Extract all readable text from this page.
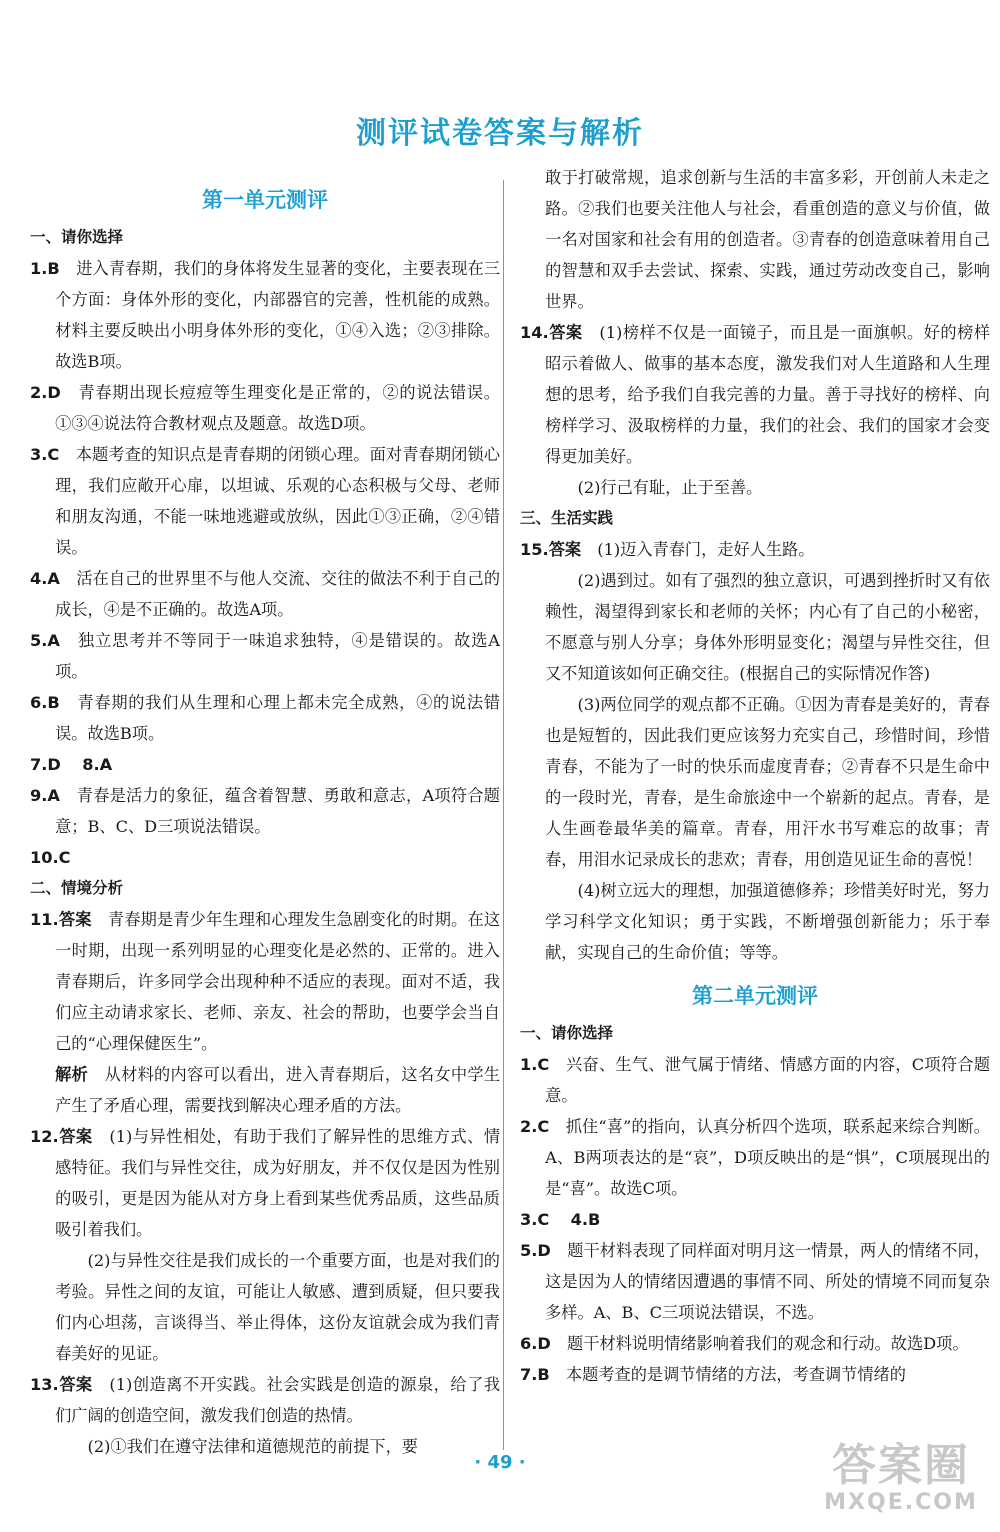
测评试卷答案与解析
第一单元测评
一、请你选择
1.B　 进入青春期，我们的身体将发生显著的变化，主要表现在三个方面：身体外形的变化，内部器官的完善，性机能的成熟。材料主要反映出小明身体外形的变化，①④入选；②③排除。故选B项。
2.D　 青春期出现长痘痘等生理变化是正常的，②的说法错误。①③④说法符合教材观点及题意。故选D项。
3.C　 本题考查的知识点是青春期的闭锁心理。面对青春期闭锁心理，我们应敞开心扉，以坦诚、乐观的心态积极与父母、老师和朋友沟通，不能一味地逃避或放纵，因此①③正确，②④错误。
4.A　 活在自己的世界里不与他人交流、交往的做法不利于自己的成长，④是不正确的。故选A项。
5.A　 独立思考并不等同于一味追求独特，④是错误的。故选A项。
6.B　 青春期的我们从生理和心理上都未完全成熟，④的说法错误。故选B项。
7.D　 8.A
9.A　 青春是活力的象征，蕴含着智慧、勇敢和意志，A项符合题意；B、C、D三项说法错误。
10.C
二、情境分析
11.答案　 青春期是青少年生理和心理发生急剧变化的时期。在这一时期，出现一系列明显的心理变化是必然的、正常的。进入青春期后，许多同学会出现种种不适应的表现。面对不适，我们应主动请求家长、老师、亲友、社会的帮助，也要学会当自己的“心理保健医生”。
解析　 从材料的内容可以看出，进入青春期后，这名女中学生产生了矛盾心理，需要找到解决心理矛盾的方法。
12.答案　 (1)与异性相处，有助于我们了解异性的思维方式、情感特征。我们与异性交往，成为好朋友，并不仅仅是因为性别的吸引，更是因为能从对方身上看到某些优秀品质，这些品质吸引着我们。
(2)与异性交往是我们成长的一个重要方面，也是对我们的考验。异性之间的友谊，可能让人敏感、遭到质疑，但只要我们内心坦荡，言谈得当、举止得体，这份友谊就会成为我们青春美好的见证。
13.答案　 (1)创造离不开实践。社会实践是创造的源泉，给了我们广阔的创造空间，激发我们创造的热情。
(2)①我们在遵守法律和道德规范的前提下，要
敢于打破常规，追求创新与生活的丰富多彩，开创前人未走之路。②我们也要关注他人与社会，看重创造的意义与价值，做一名对国家和社会有用的创造者。③青春的创造意味着用自己的智慧和双手去尝试、探索、实践，通过劳动改变自己，影响世界。
14.答案　 (1)榜样不仅是一面镜子，而且是一面旗帜。好的榜样昭示着做人、做事的基本态度，激发我们对人生道路和人生理想的思考，给予我们自我完善的力量。善于寻找好的榜样、向榜样学习、汲取榜样的力量，我们的社会、我们的国家才会变得更加美好。
(2)行己有耻，止于至善。
三、生活实践
15.答案　 (1)迈入青春门，走好人生路。
(2)遇到过。如有了强烈的独立意识，可遇到挫折时又有依赖性，渴望得到家长和老师的关怀；内心有了自己的小秘密，不愿意与别人分享；身体外形明显变化；渴望与异性交往，但又不知道该如何正确交往。(根据自己的实际情况作答)
(3)两位同学的观点都不正确。①因为青春是美好的，青春也是短暂的，因此我们更应该努力充实自己，珍惜时间，珍惜青春，不能为了一时的快乐而虚度青春；②青春不只是生命中的一段时光，青春，是生命旅途中一个崭新的起点。青春，是人生画卷最华美的篇章。青春，用汗水书写难忘的故事；青春，用泪水记录成长的悲欢；青春，用创造见证生命的喜悦！
(4)树立远大的理想，加强道德修养；珍惜美好时光，努力学习科学文化知识；勇于实践，不断增强创新能力；乐于奉献，实现自己的生命价值；等等。
第二单元测评
一、请你选择
1.C　 兴奋、生气、泄气属于情绪、情感方面的内容，C项符合题意。
2.C　 抓住“喜”的指向，认真分析四个选项，联系起来综合判断。A、B两项表达的是“哀”，D项反映出的是“惧”，C项展现出的是“喜”。故选C项。
3.C　 4.B
5.D　 题干材料表现了同样面对明月这一情景，两人的情绪不同，这是因为人的情绪因遭遇的事情不同、所处的情境不同而复杂多样。A、B、C三项说法错误，不选。
6.D　 题干材料说明情绪影响着我们的观念和行动。故选D项。
7.B　 本题考查的是调节情绪的方法，考查调节情绪的
· 49 ·	答案圈
MXQE.COM
